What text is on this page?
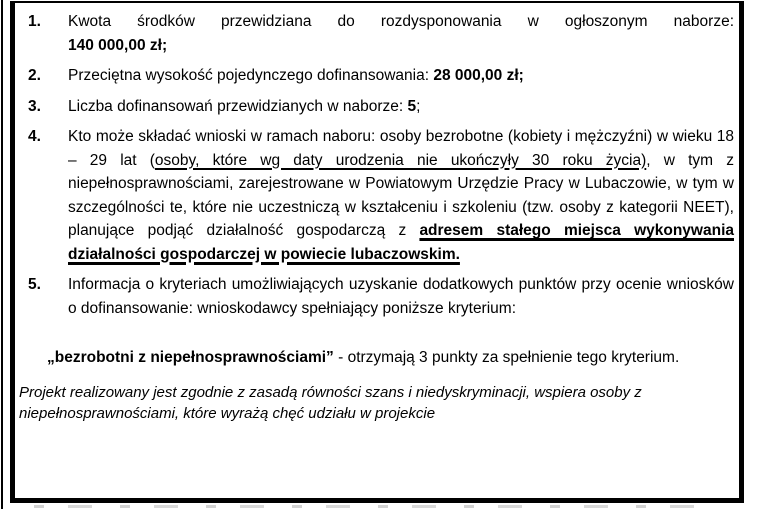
1.	Kwota środków przewidziana do rozdysponowania w ogłoszonym naborze:
140 000,00 zł;
2.	Przeciętna wysokość pojedynczego dofinansowania: 28 000,00 zł;
3.	Liczba dofinansowań przewidzianych w naborze: 5;
4.	Kto może składać wnioski w ramach naboru: osoby bezrobotne (kobiety i mężczyźni) w wieku 18 – 29 lat (osoby, które wg daty urodzenia nie ukończyły 30 roku życia), w tym z niepełnosprawnościami, zarejestrowane w Powiatowym Urzędzie Pracy w Lubaczowie, w tym w szczególności te, które nie uczestniczą w kształceniu i szkoleniu (tzw. osoby z kategorii NEET), planujące podjąć działalność gospodarczą z adresem stałego miejsca wykonywania działalności gospodarczej w powiecie lubaczowskim.
5.	Informacja o kryteriach umożliwiających uzyskanie dodatkowych punktów przy ocenie wniosków o dofinansowanie: wnioskodawcy spełniający poniższe kryterium:

„bezrobotni z niepełnosprawnościami” - otrzymają 3 punkty za spełnienie tego kryterium.

Projekt realizowany jest zgodnie z zasadą równości szans i niedyskryminacji, wspiera osoby z niepełnosprawnościami, które wyrażą chęć udziału w projekcie
